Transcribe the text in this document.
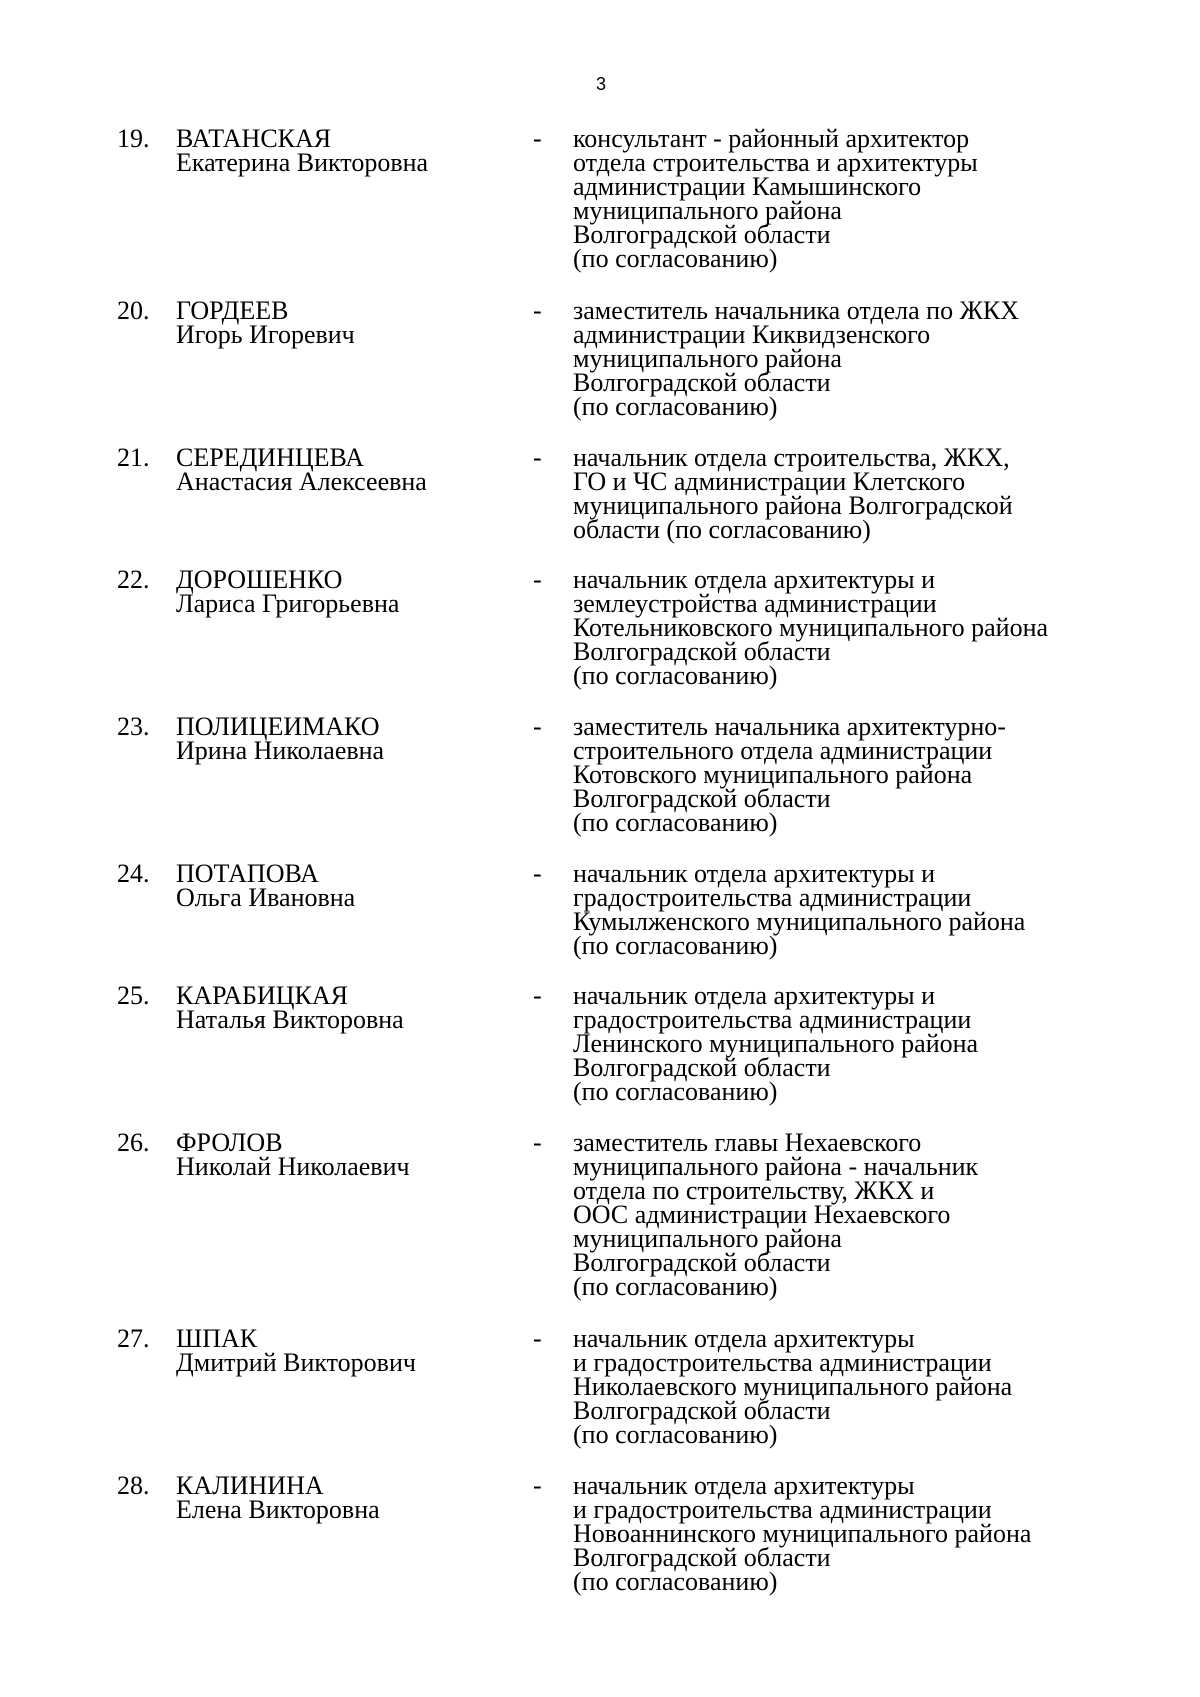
3
19. ВАТАНСКАЯ
Екатерина Викторовна
- консультант - районный архитектор
отдела строительства и архитектуры
администрации Камышинского
муниципального района
Волгоградской области
(по согласованию)
20. ГОРДЕЕВ
Игорь Игоревич
- заместитель начальника отдела по ЖКХ
администрации Киквидзенского
муниципального района
Волгоградской области
(по согласованию)
21. СЕРЕДИНЦЕВА
Анастасия Алексеевна
- начальник отдела строительства, ЖКХ,
ГО и ЧС администрации Клетского
муниципального района Волгоградской
области (по согласованию)
22. ДОРОШЕНКО
Лариса Григорьевна
- начальник отдела архитектуры и
землеустройства администрации
Котельниковского муниципального района
Волгоградской области
(по согласованию)
23. ПОЛИЦЕИМАКО
Ирина Николаевна
- заместитель начальника архитектурно-
строительного отдела администрации
Котовского муниципального района
Волгоградской области
(по согласованию)
24. ПОТАПОВА
Ольга Ивановна
- начальник отдела архитектуры и
градостроительства администрации
Кумылженского муниципального района
(по согласованию)
25. КАРАБИЦКАЯ
Наталья Викторовна
- начальник отдела архитектуры и
градостроительства администрации
Ленинского муниципального района
Волгоградской области
(по согласованию)
26. ФРОЛОВ
Николай Николаевич
- заместитель главы Нехаевского
муниципального района - начальник
отдела по строительству, ЖКХ и
ООС администрации Нехаевского
муниципального района
Волгоградской области
(по согласованию)
27. ШПАК
Дмитрий Викторович
- начальник отдела архитектуры
и градостроительства администрации
Николаевского муниципального района
Волгоградской области
(по согласованию)
28. КАЛИНИНА
Елена Викторовна
- начальник отдела архитектуры
и градостроительства администрации
Новоаннинского муниципального района
Волгоградской области
(по согласованию)
